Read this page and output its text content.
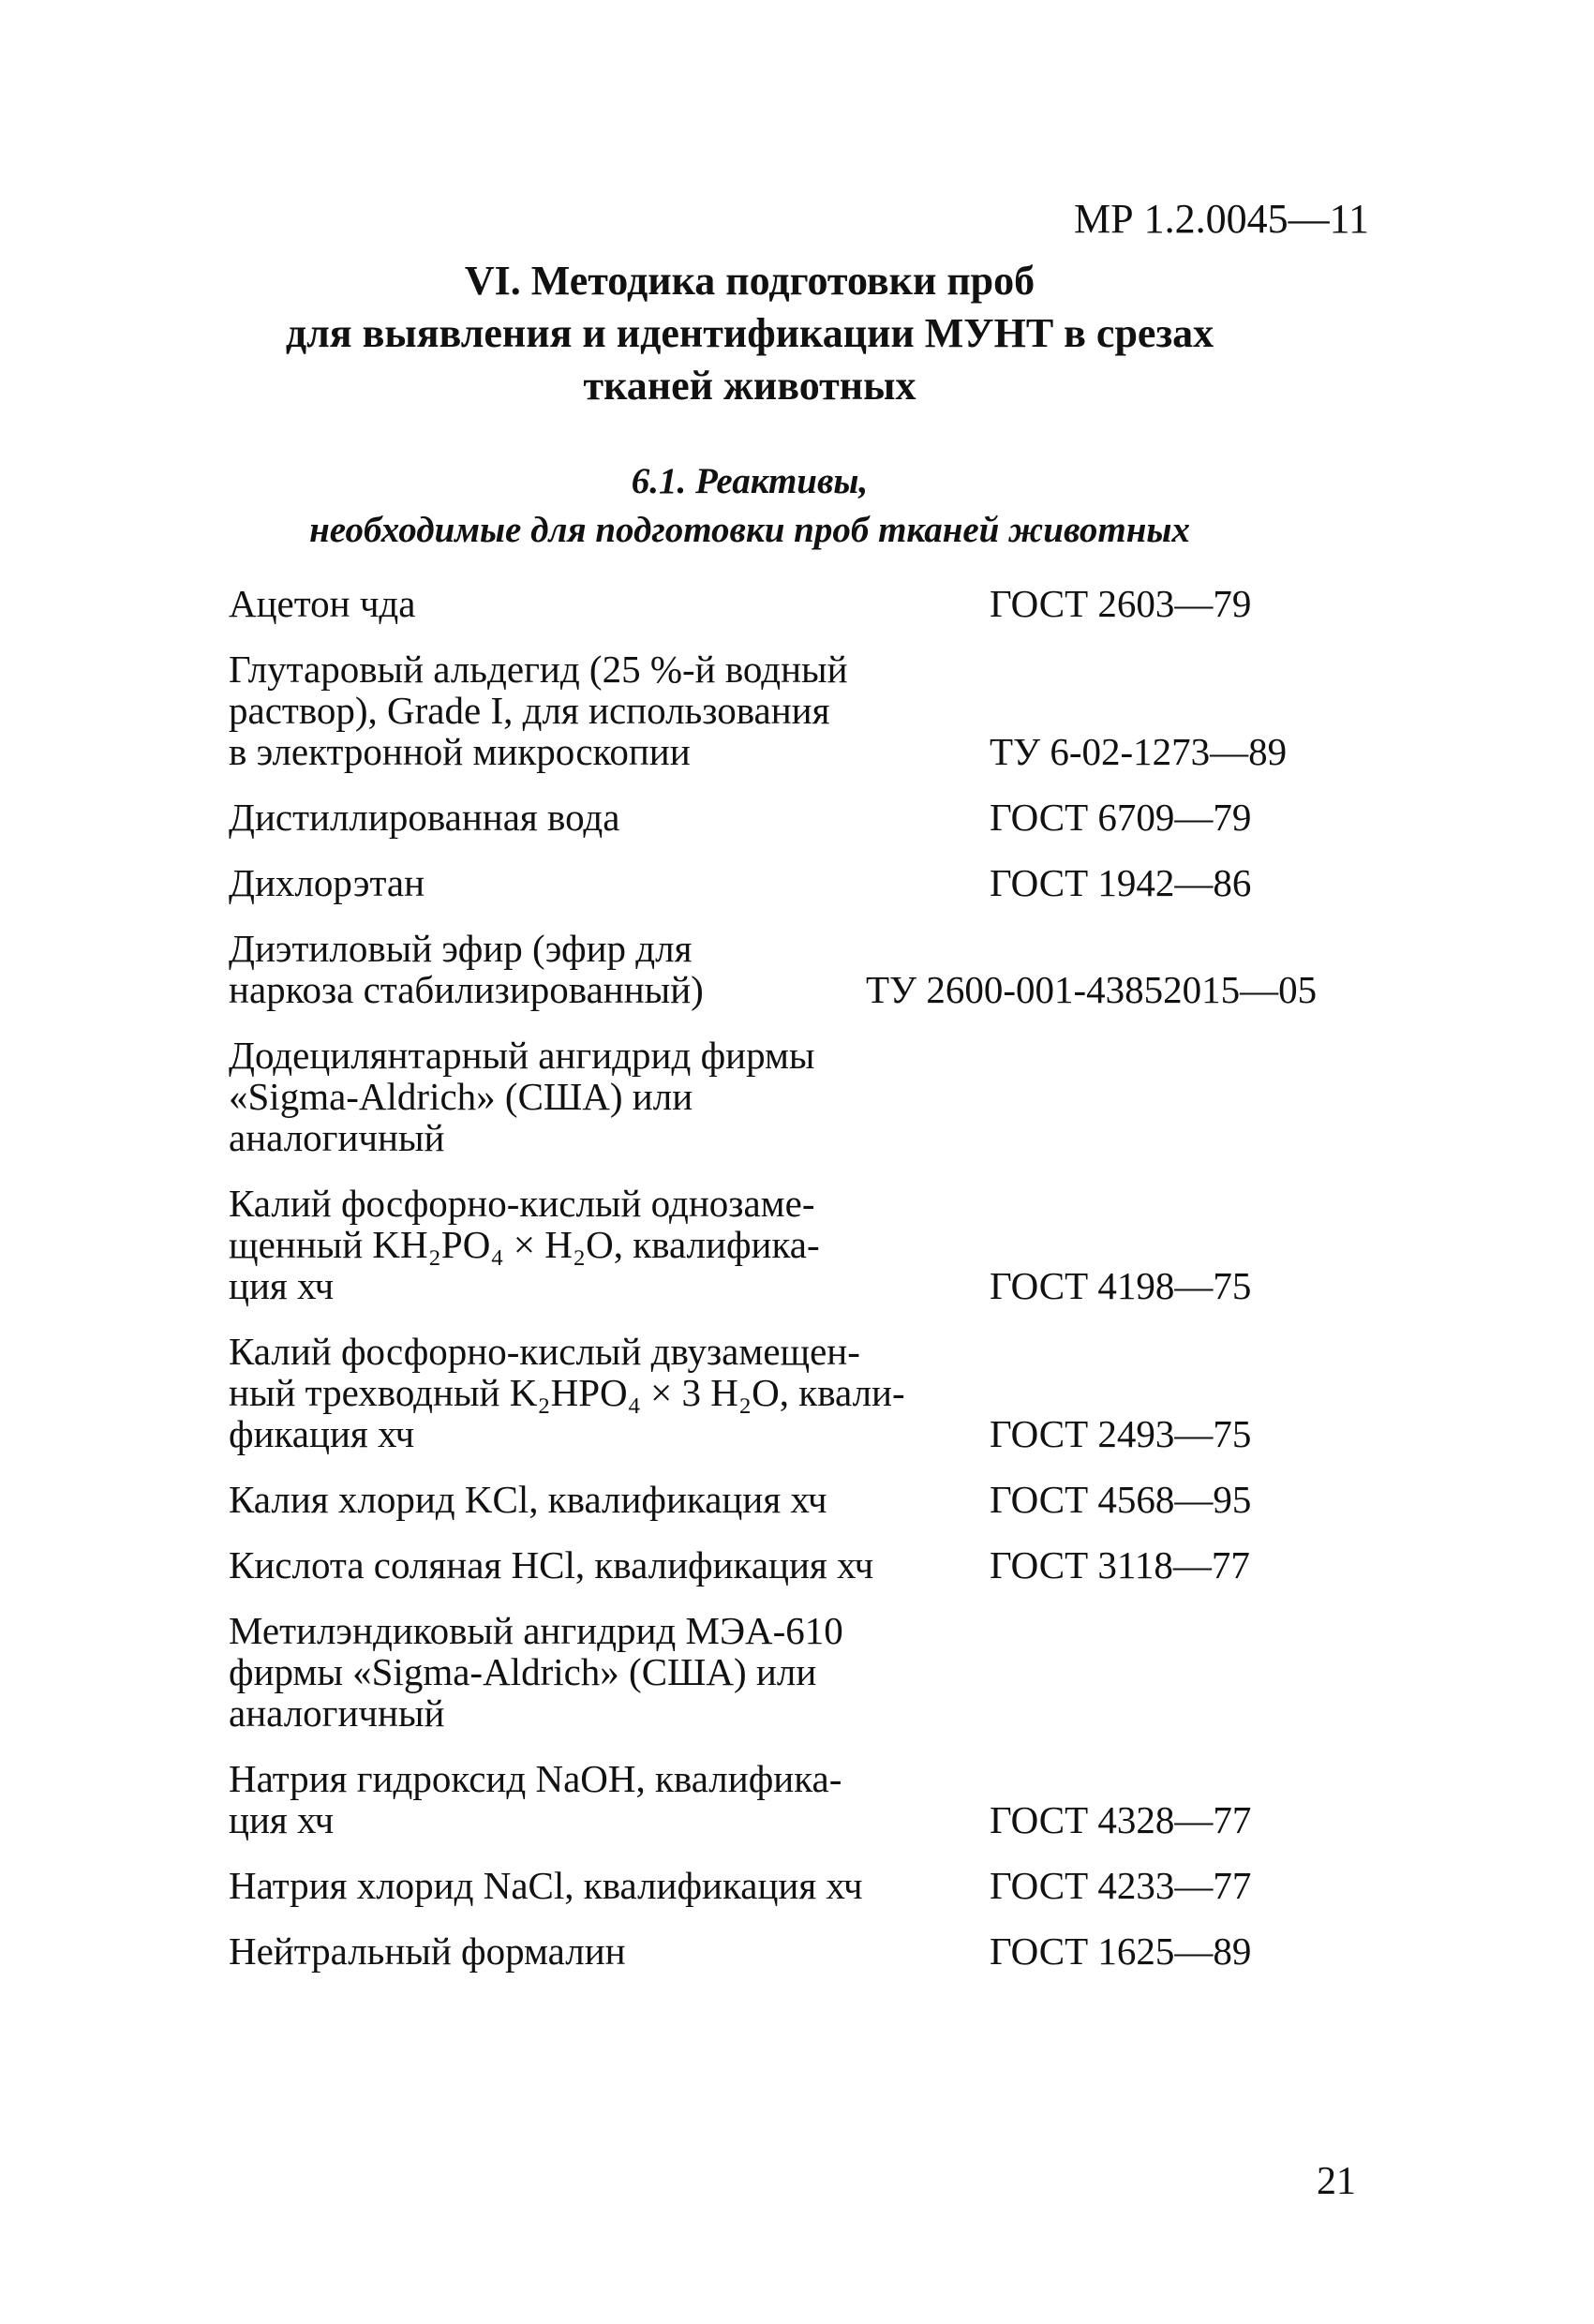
МР 1.2.0045—11
VI. Методика подготовки проб
для выявления и идентификации МУНТ в срезах
тканей животных
6.1. Реактивы,
необходимые для подготовки проб тканей животных
Ацетон чда	ГОСТ 2603—79
Глутаровый альдегид (25 %-й водный
раствор), Grade I, для использования
в электронной микроскопии	ТУ 6-02-1273—89
Дистиллированная вода	ГОСТ 6709—79
Дихлорэтан	ГОСТ 1942—86
Диэтиловый эфир (эфир для
наркоза стабилизированный)	ТУ 2600-001-43852015—05
Додецилянтарный ангидрид фирмы
«Sigma-Aldrich» (США) или
аналогичный
Калий фосфорно-кислый однозаме-
щенный KH₂PO₄ × H₂O, квалифика-
ция хч	ГОСТ 4198—75
Калий фосфорно-кислый двузамещен-
ный трехводный K₂HPO₄ × 3 H₂O, квали-
фикация хч	ГОСТ 2493—75
Калия хлорид KCl, квалификация хч	ГОСТ 4568—95
Кислота соляная HCl, квалификация хч	ГОСТ 3118—77
Метилэндиковый ангидрид МЭА-610
фирмы «Sigma-Aldrich» (США) или
аналогичный
Натрия гидроксид NaOH, квалифика-
ция хч	ГОСТ 4328—77
Натрия хлорид NaCl, квалификация хч	ГОСТ 4233—77
Нейтральный формалин	ГОСТ 1625—89
21
